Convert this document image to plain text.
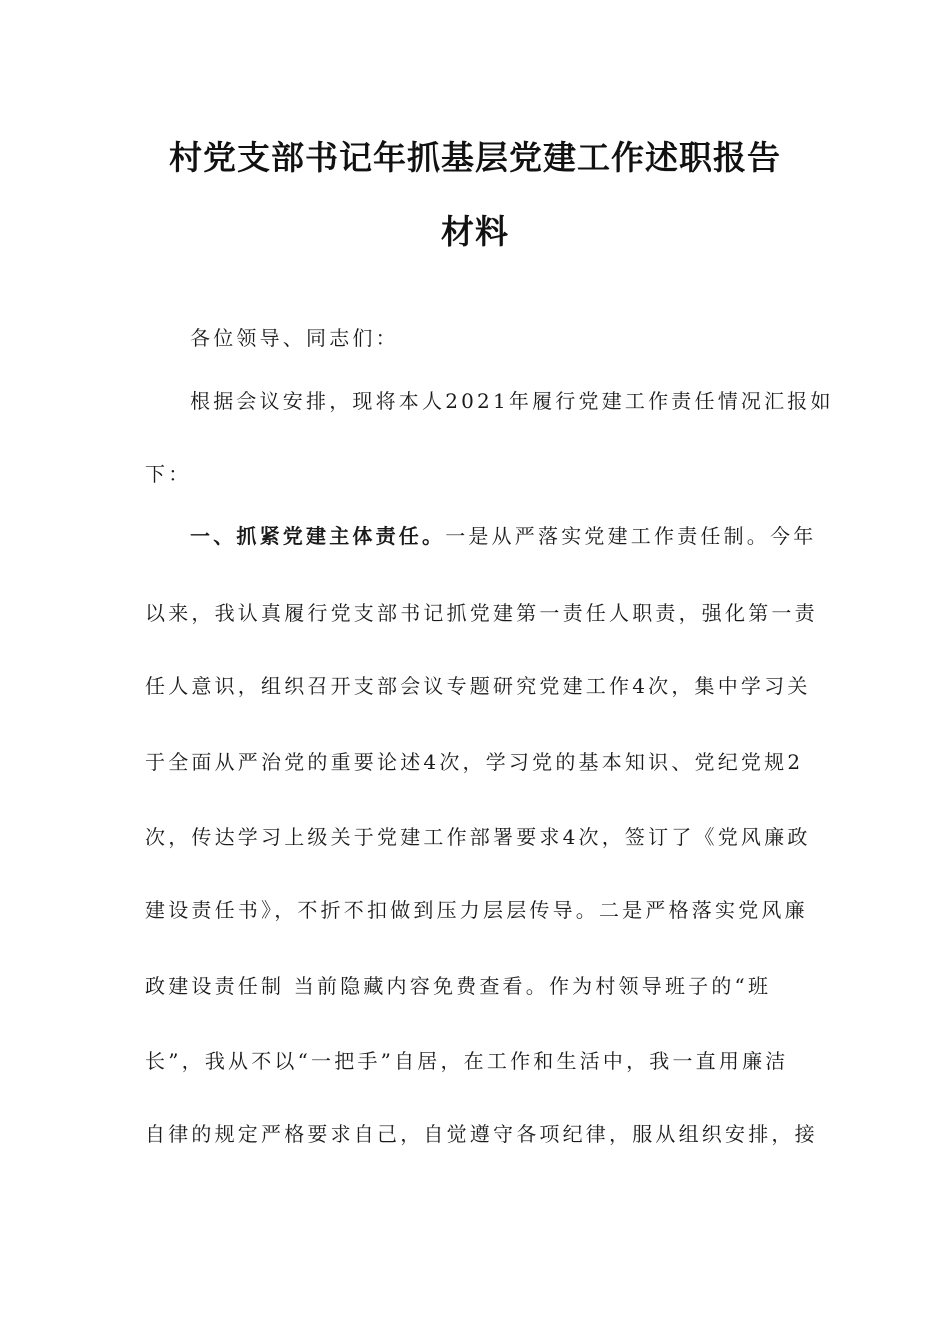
村党支部书记年抓基层党建工作述职报告
材料
各位领导、同志们：
根据会议安排，现将本人2021年履行党建工作责任情况汇报如
下：
一、抓紧党建主体责任。一是从严落实党建工作责任制。今年
以来，我认真履行党支部书记抓党建第一责任人职责，强化第一责
任人意识，组织召开支部会议专题研究党建工作4次，集中学习关
于全面从严治党的重要论述4次，学习党的基本知识、党纪党规2
次，传达学习上级关于党建工作部署要求4次，签订了《党风廉政
建设责任书》，不折不扣做到压力层层传导。二是严格落实党风廉
政建设责任制 当前隐藏内容免费查看。作为村领导班子的“班
长”，我从不以“一把手”自居，在工作和生活中，我一直用廉洁
自律的规定严格要求自己，自觉遵守各项纪律，服从组织安排，接
